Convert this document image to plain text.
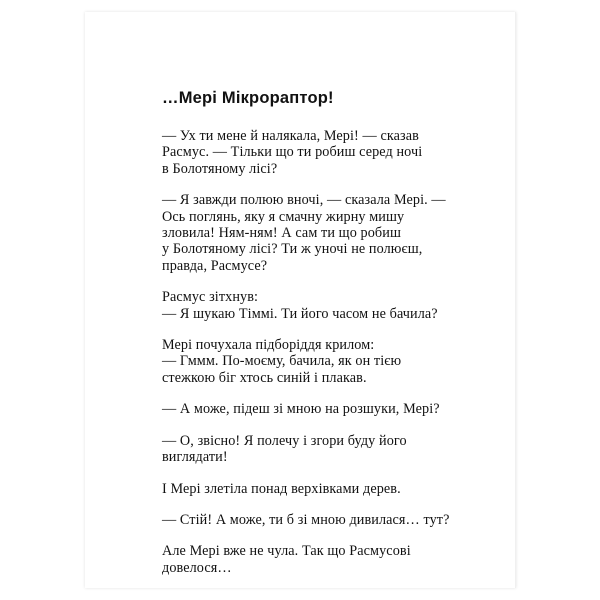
…Мері Мікрораптор!
— Ух ти мене й налякала, Мері! — сказав
Расмус. — Тільки що ти робиш серед ночі
в Болотяному лісі?
— Я завжди полюю вночі, — сказала Мері. —
Ось поглянь, яку я смачну жирну мишу
зловила! Ням-ням! А сам ти що робиш
у Болотяному лісі? Ти ж уночі не полюєш,
правда, Расмусе?
Расмус зітхнув:
— Я шукаю Тіммі. Ти його часом не бачила?
Мері почухала підборіддя крилом:
— Гммм. По-моєму, бачила, як он тією
стежкою біг хтось синій і плакав.
— А може, підеш зі мною на розшуки, Мері?
— О, звісно! Я полечу і згори буду його
виглядати!
І Мері злетіла понад верхівками дерев.
— Стій! А може, ти б зі мною дивилася… тут?
Але Мері вже не чула. Так що Расмусові
довелося…
